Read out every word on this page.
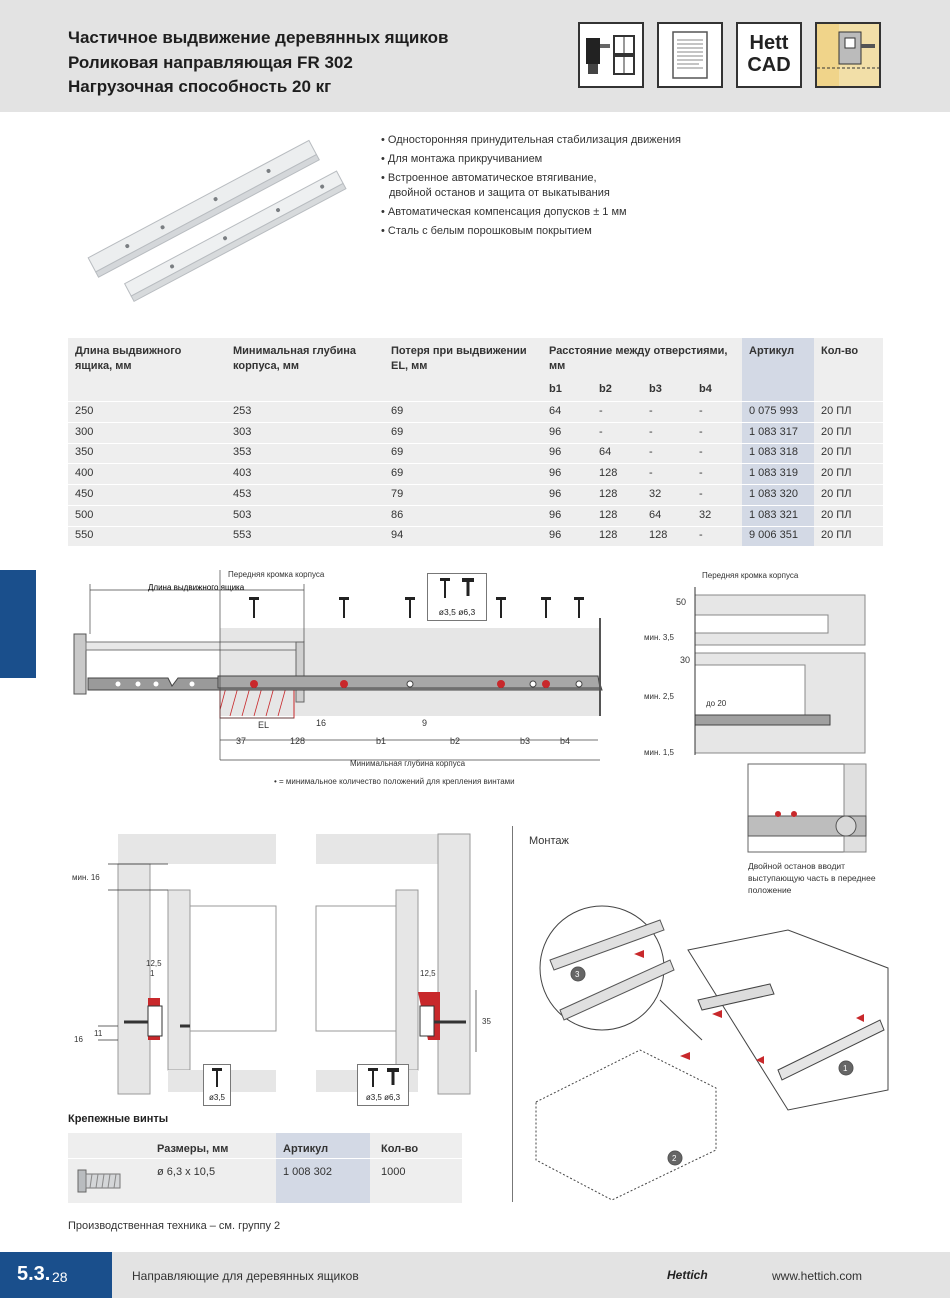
Частичное выдвижение деревянных ящиков
Роликовая направляющая FR 302
Нагрузочная способность 20 кг
Hett
CAD
• Односторонняя принудительная стабилизация движения
• Для монтажа прикручиванием
• Встроенное автоматическое втягивание,
двойной останов и защита от выкатывания
• Автоматическая компенсация допусков ± 1 мм
• Сталь с белым порошковым покрытием
Длина выдвижного ящика, мм
Минимальная глубина корпуса, мм
Потеря при выдвижении EL, мм
Расстояние между отверстиями, мм
Артикул Кол-во
b1	b2	b3	b4
250	253	69	64	-	-	-	0 075 993 20 ПЛ
300	303	69	96	-	-	-	1 083 317 20 ПЛ
350	353	69	96	64	-	-	1 083 318 20 ПЛ
400	403	69	96	128	-	-	1 083 319 20 ПЛ
450	453	79	96	128	32	-	1 083 320 20 ПЛ
500	503	86	96	128	64	32	1 083 321 20 ПЛ
550	553	94	96	128	128	-	9 006 351 20 ПЛ
Длина выдвижного ящика
Передняя кромка корпуса
37	128
EL	16	9
b1	b2	b3	b4
Минимальная глубина корпуса
• = минимальное количество положений для крепления винтами
ø3,5 ø6,3
Передняя кромка корпуса
50
мин. 3,5
30
мин. 2,5
до 20
мин. 1,5
Двойной останов вводит выступающую часть в переднее положение
мин. 16
12,5
1
16
11
12,5
35
ø3,5	ø3,5 ø6,3
Монтаж
1
2
3
Крепежные винты
Размеры, мм	Артикул	Кол-во
ø 6,3 x 10,5	1 008 302	1000
Производственная техника – см. группу 2
5.3. 28	Направляющие для деревянных ящиков	Hettich	www.hettich.com
